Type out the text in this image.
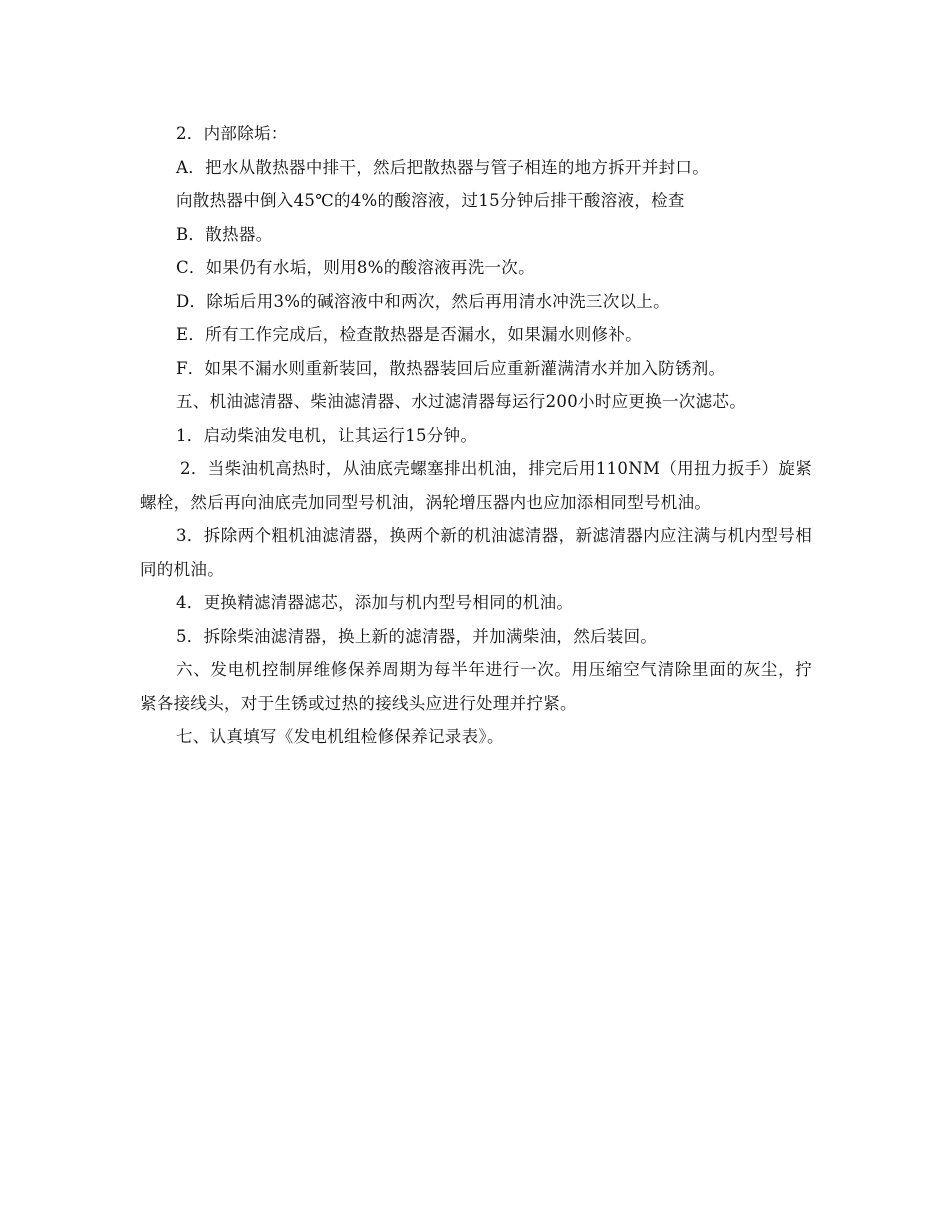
2．内部除垢：

A．把水从散热器中排干，然后把散热器与管子相连的地方拆开并封口。

向散热器中倒入45℃的4%的酸溶液，过15分钟后排干酸溶液，检查

B．散热器。

C．如果仍有水垢，则用8%的酸溶液再洗一次。

D．除垢后用3%的碱溶液中和两次，然后再用清水冲洗三次以上。

E．所有工作完成后，检查散热器是否漏水，如果漏水则修补。

F．如果不漏水则重新装回，散热器装回后应重新灌满清水并加入防锈剂。

五、机油滤清器、柴油滤清器、水过滤清器每运行200小时应更换一次滤芯。

1．启动柴油发电机，让其运行15分钟。

2．当柴油机高热时，从油底壳螺塞排出机油，排完后用110NM（用扭力扳手）旋紧螺栓，然后再向油底壳加同型号机油，涡轮增压器内也应加添相同型号机油。

3．拆除两个粗机油滤清器，换两个新的机油滤清器，新滤清器内应注满与机内型号相同的机油。

4．更换精滤清器滤芯，添加与机内型号相同的机油。

5．拆除柴油滤清器，换上新的滤清器，并加满柴油，然后装回。

六、发电机控制屏维修保养周期为每半年进行一次。用压缩空气清除里面的灰尘，拧紧各接线头，对于生锈或过热的接线头应进行处理并拧紧。

七、认真填写《发电机组检修保养记录表》。
